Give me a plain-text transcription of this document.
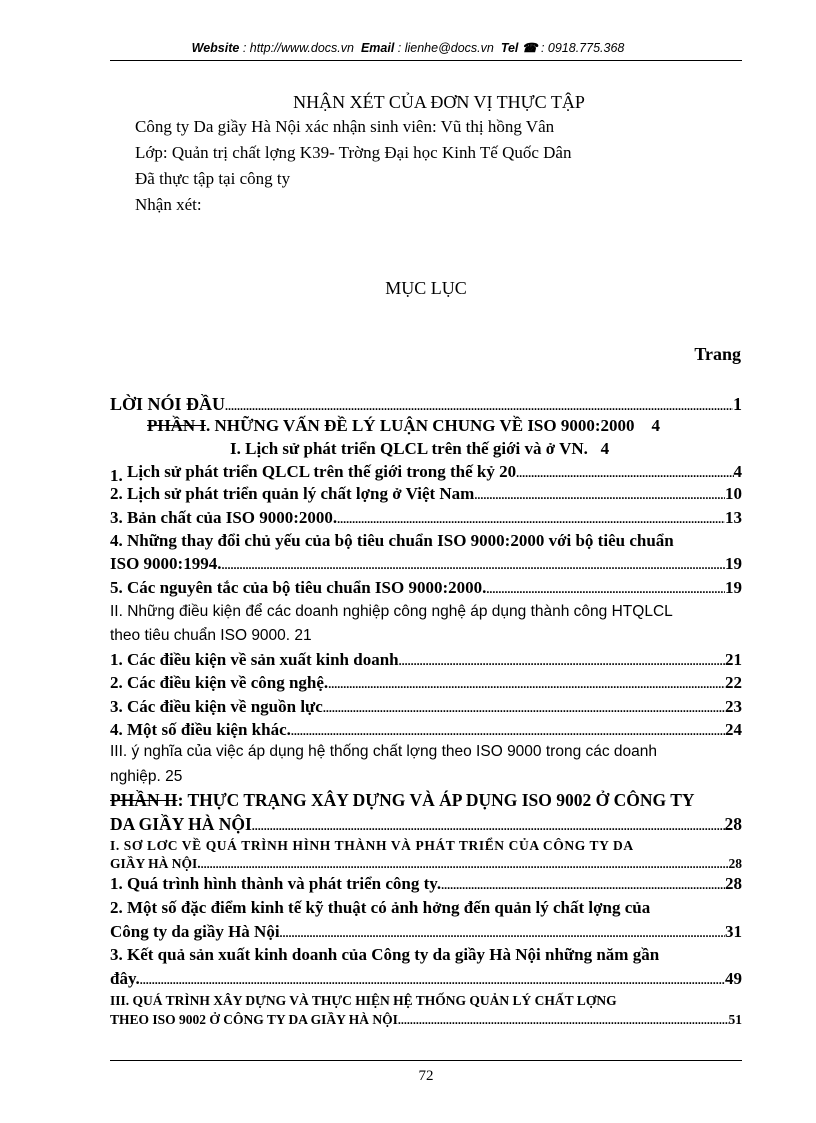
Website : http://www.docs.vn Email : lienhe@docs.vn Tel ☎ : 0918.775.368
NHẬN XÉT CỦA ĐƠN VỊ THỰC TẬP
Công ty Da giầy Hà Nội xác nhận sinh viên: Vũ thị hồng Vân
Lớp: Quản trị chất lợng K39- Trờng Đại học Kinh Tế Quốc Dân
Đã thực tập tại công ty
Nhận xét:
MỤC LỤC
Trang
LỜI NÓI ĐẦU .....	1
PHẦN I. NHỮNG VẤN ĐỀ LÝ LUẬN CHUNG VỀ ISO 9000:2000 4
I. Lịch sử phát triển QLCL trên thế giới và ở VN. 4
1. Lịch sử phát triển QLCL trên thế giới trong thế kỷ 20 .....	4
2. Lịch sử phát triển quản lý chất lợng ở Việt Nam .....	10
3. Bản chất của ISO 9000:2000. .....	13
4. Những thay đổi chủ yếu của bộ tiêu chuẩn ISO 9000:2000 với bộ tiêu chuẩn
ISO 9000:1994. .....	19
5. Các nguyên tắc của bộ tiêu chuẩn ISO 9000:2000. .....	19
II. Những điều kiện để các doanh nghiệp công nghệ áp dụng thành công HTQLCL
theo tiêu chuẩn ISO 9000. 21
1. Các điều kiện về sản xuất kinh doanh .....	21
2. Các điều kiện về công nghệ. .....	22
3. Các điều kiện về nguồn lực .....	23
4. Một số điều kiện khác. .....	24
III. ý nghĩa của việc áp dụng hệ thống chất lợng theo ISO 9000 trong các doanh
nghiệp. 25
PHẦN II: THỰC TRẠNG XÂY DỰNG VÀ ÁP DỤNG ISO 9002 Ở CÔNG TY
DA GIẦY HÀ NỘI .....	28
I. SƠ LƠC VỀ QUÁ TRÌNH HÌNH THÀNH VÀ PHÁT TRIỂN CỦA CÔNG TY DA
GIẦY HÀ NỘI. .....	28
1. Quá trình hình thành và phát triển công ty. .....	28
2. Một số đặc điểm kinh tế kỹ thuật có ảnh hởng đến quản lý chất lợng của
Công ty da giầy Hà Nội .....	31
3. Kết quả sản xuất kinh doanh của Công ty da giầy Hà Nội những năm gần
đây. .....	49
III. QUÁ TRÌNH XÂY DỰNG VÀ THỰC HIỆN HỆ THỐNG QUẢN LÝ CHẤT LỢNG
THEO ISO 9002 Ở CÔNG TY DA GIẦY HÀ NỘI .....	51
72
